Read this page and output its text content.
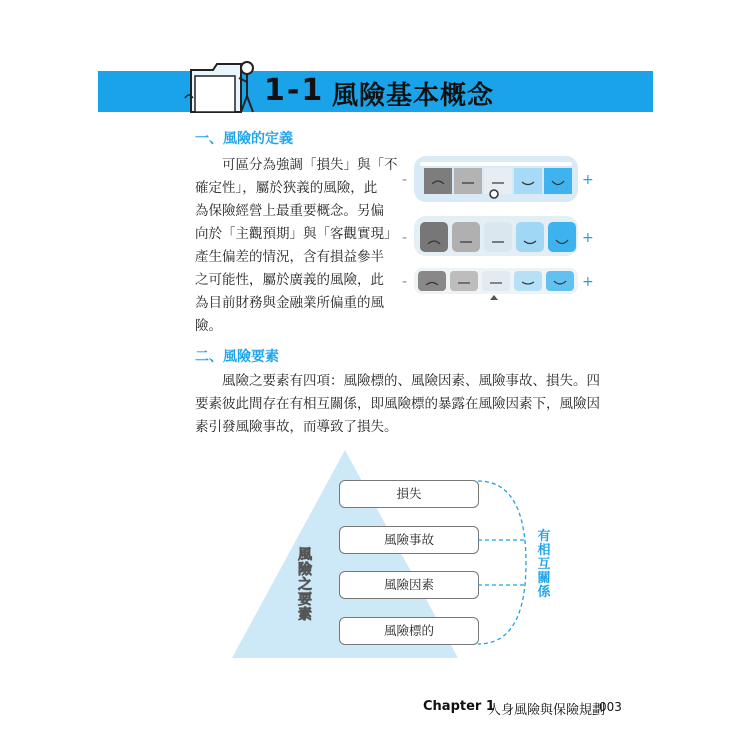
1-1 風險基本概念
一、風險的定義
　　可區分為強調「損失」與「不
確定性」，屬於狹義的風險，此
為保險經營上最重要概念。另偏
向於「主觀預期」與「客觀實現」
產生偏差的情況，含有損益參半
之可能性，屬於廣義的風險，此
為目前財務與金融業所偏重的風
險。
-	+
-	+
-	+
二、風險要素
　　風險之要素有四項：風險標的、風險因素、風險事故、損失。四
要素彼此間存在有相互關係，即風險標的暴露在風險因素下，風險因
素引發風險事故，而導致了損失。
風
險
之
要
素
損失
風險事故
風險因素
風險標的
有
相
互
關
係
Chapter 1
人身風險與保險規劃
003
